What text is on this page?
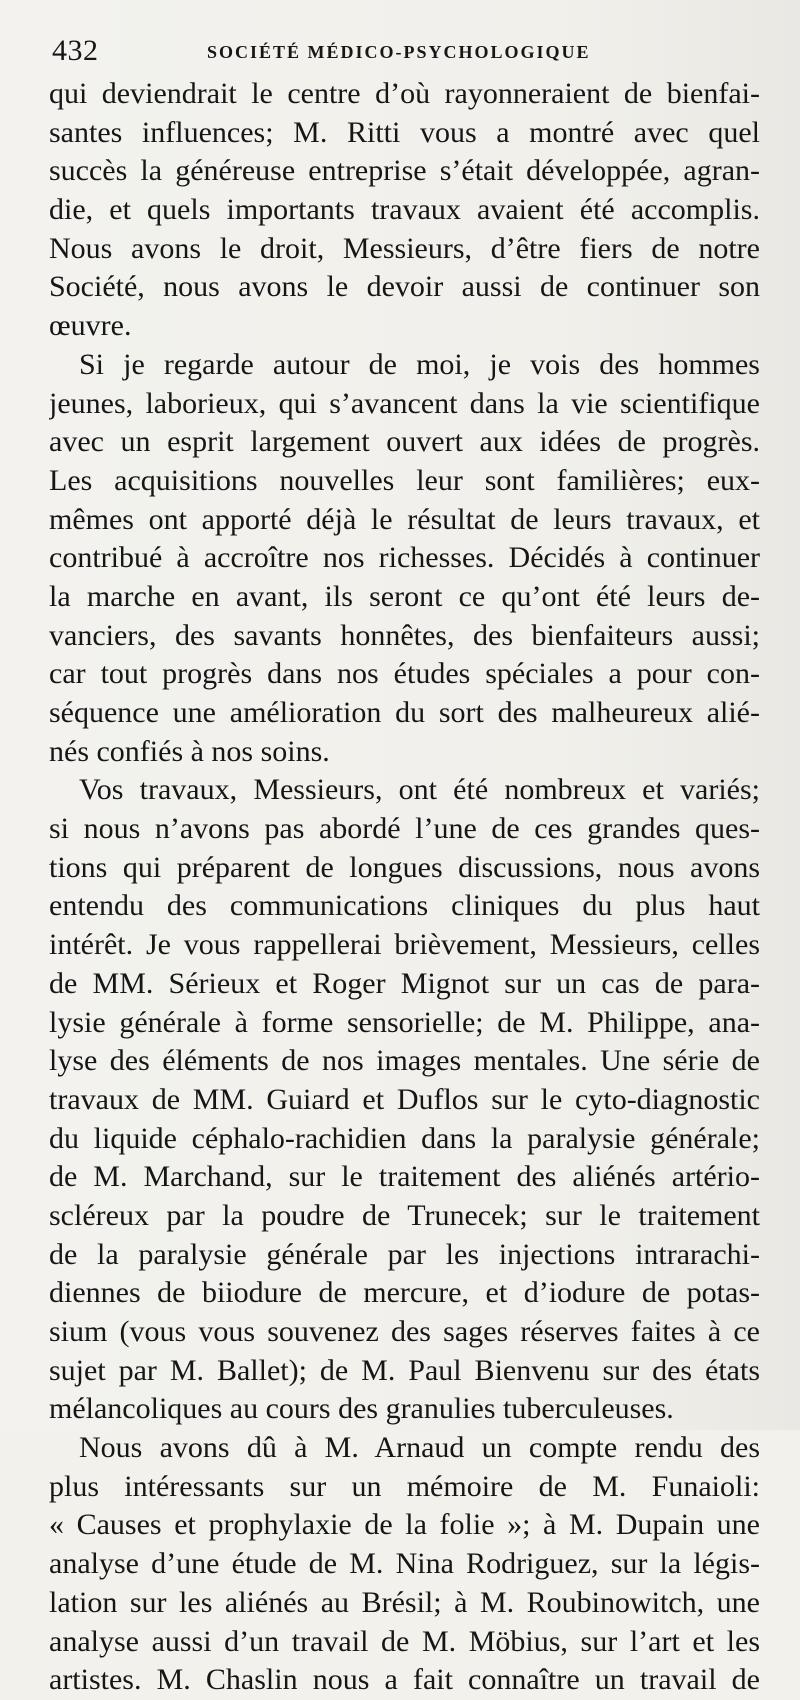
432	SOCIÉTÉ MÉDICO-PSYCHOLOGIQUE
qui deviendrait le centre d’où rayonneraient de bienfai-
santes influences; M. Ritti vous a montré avec quel
succès la généreuse entreprise s’était développée, agran-
die, et quels importants travaux avaient été accomplis.
Nous avons le droit, Messieurs, d’être fiers de notre
Société, nous avons le devoir aussi de continuer son
œuvre.
Si je regarde autour de moi, je vois des hommes
jeunes, laborieux, qui s’avancent dans la vie scientifique
avec un esprit largement ouvert aux idées de progrès.
Les acquisitions nouvelles leur sont familières; eux-
mêmes ont apporté déjà le résultat de leurs travaux, et
contribué à accroître nos richesses. Décidés à continuer
la marche en avant, ils seront ce qu’ont été leurs de-
vanciers, des savants honnêtes, des bienfaiteurs aussi;
car tout progrès dans nos études spéciales a pour con-
séquence une amélioration du sort des malheureux alié-
nés confiés à nos soins.
Vos travaux, Messieurs, ont été nombreux et variés;
si nous n’avons pas abordé l’une de ces grandes ques-
tions qui préparent de longues discussions, nous avons
entendu des communications cliniques du plus haut
intérêt. Je vous rappellerai brièvement, Messieurs, celles
de MM. Sérieux et Roger Mignot sur un cas de para-
lysie générale à forme sensorielle; de M. Philippe, ana-
lyse des éléments de nos images mentales. Une série de
travaux de MM. Guiard et Duflos sur le cyto-diagnostic
du liquide céphalo-rachidien dans la paralysie générale;
de M. Marchand, sur le traitement des aliénés artério-
scléreux par la poudre de Trunecek; sur le traitement
de la paralysie générale par les injections intrarachi-
diennes de biiodure de mercure, et d’iodure de potas-
sium (vous vous souvenez des sages réserves faites à ce
sujet par M. Ballet); de M. Paul Bienvenu sur des états
mélancoliques au cours des granulies tuberculeuses.
Nous avons dû à M. Arnaud un compte rendu des
plus intéressants sur un mémoire de M. Funaioli:
« Causes et prophylaxie de la folie »; à M. Dupain une
analyse d’une étude de M. Nina Rodriguez, sur la légis-
lation sur les aliénés au Brésil; à M. Roubinowitch, une
analyse aussi d’un travail de M. Möbius, sur l’art et les
artistes. M. Chaslin nous a fait connaître un travail de
